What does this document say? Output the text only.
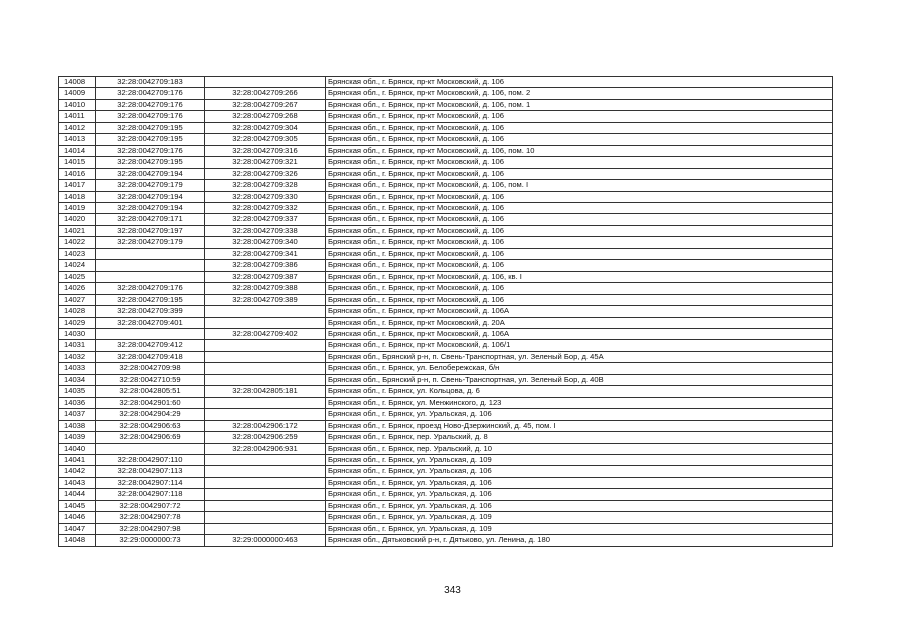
14008	32:28:0042709:183		Брянская обл., г. Брянск, пр-кт Московский, д. 106
14009	32:28:0042709:176	32:28:0042709:266	Брянская обл., г. Брянск, пр-кт Московский, д. 106, пом. 2
14010	32:28:0042709:176	32:28:0042709:267	Брянская обл., г. Брянск, пр-кт Московский, д. 106, пом. 1
14011	32:28:0042709:176	32:28:0042709:268	Брянская обл., г. Брянск, пр-кт Московский, д. 106
14012	32:28:0042709:195	32:28:0042709:304	Брянская обл., г. Брянск, пр-кт Московский, д. 106
14013	32:28:0042709:195	32:28:0042709:305	Брянская обл., г. Брянск, пр-кт Московский, д. 106
14014	32:28:0042709:176	32:28:0042709:316	Брянская обл., г. Брянск, пр-кт Московский, д. 106, пом. 10
14015	32:28:0042709:195	32:28:0042709:321	Брянская обл., г. Брянск, пр-кт Московский, д. 106
14016	32:28:0042709:194	32:28:0042709:326	Брянская обл., г. Брянск, пр-кт Московский, д. 106
14017	32:28:0042709:179	32:28:0042709:328	Брянская обл., г. Брянск, пр-кт Московский, д. 106, пом. I
14018	32:28:0042709:194	32:28:0042709:330	Брянская обл., г. Брянск, пр-кт Московский, д. 106
14019	32:28:0042709:194	32:28:0042709:332	Брянская обл., г. Брянск, пр-кт Московский, д. 106
14020	32:28:0042709:171	32:28:0042709:337	Брянская обл., г. Брянск, пр-кт Московский, д. 106
14021	32:28:0042709:197	32:28:0042709:338	Брянская обл., г. Брянск, пр-кт Московский, д. 106
14022	32:28:0042709:179	32:28:0042709:340	Брянская обл., г. Брянск, пр-кт Московский, д. 106
14023		32:28:0042709:341	Брянская обл., г. Брянск, пр-кт Московский, д. 106
14024		32:28:0042709:386	Брянская обл., г. Брянск, пр-кт Московский, д. 106
14025		32:28:0042709:387	Брянская обл., г. Брянск, пр-кт Московский, д. 106, кв. I
14026	32:28:0042709:176	32:28:0042709:388	Брянская обл., г. Брянск, пр-кт Московский, д. 106
14027	32:28:0042709:195	32:28:0042709:389	Брянская обл., г. Брянск, пр-кт Московский, д. 106
14028	32:28:0042709:399		Брянская обл., г. Брянск, пр-кт Московский, д. 106А
14029	32:28:0042709:401		Брянская обл., г. Брянск, пр-кт Московский, д. 20А
14030		32:28:0042709:402	Брянская обл., г. Брянск, пр-кт Московский, д. 106А
14031	32:28:0042709:412		Брянская обл., г. Брянск, пр-кт Московский, д. 106/1
14032	32:28:0042709:418		Брянская обл., Брянский р-н, п. Свень-Транспортная, ул. Зеленый Бор, д. 45А
14033	32:28:0042709:98		Брянская обл., г. Брянск, ул. Белобережская, б/н
14034	32:28:0042710:59		Брянская обл., Брянский р-н, п. Свень-Транспортная, ул. Зеленый Бор, д. 40В
14035	32:28:0042805:51	32:28:0042805:181	Брянская обл., г. Брянск, ул. Кольцова, д. 6
14036	32:28:0042901:60		Брянская обл., г. Брянск, ул. Менжинского, д. 123
14037	32:28:0042904:29		Брянская обл., г. Брянск, ул. Уральская, д. 106
14038	32:28:0042906:63	32:28:0042906:172	Брянская обл., г. Брянск, проезд Ново-Дзержинский, д. 45, пом. I
14039	32:28:0042906:69	32:28:0042906:259	Брянская обл., г. Брянск, пер. Уральский, д. 8
14040		32:28:0042906:931	Брянская обл., г. Брянск, пер. Уральский, д. 10
14041	32:28:0042907:110		Брянская обл., г. Брянск, ул. Уральская, д. 109
14042	32:28:0042907:113		Брянская обл., г. Брянск, ул. Уральская, д. 106
14043	32:28:0042907:114		Брянская обл., г. Брянск, ул. Уральская, д. 106
14044	32:28:0042907:118		Брянская обл., г. Брянск, ул. Уральская, д. 106
14045	32:28:0042907:72		Брянская обл., г. Брянск, ул. Уральская, д. 106
14046	32:28:0042907:78		Брянская обл., г. Брянск, ул. Уральская, д. 109
14047	32:28:0042907:98		Брянская обл., г. Брянск, ул. Уральская, д. 109
14048	32:29:0000000:73	32:29:0000000:463	Брянская обл., Дятьковский р-н, г. Дятьково, ул. Ленина, д. 180
343
